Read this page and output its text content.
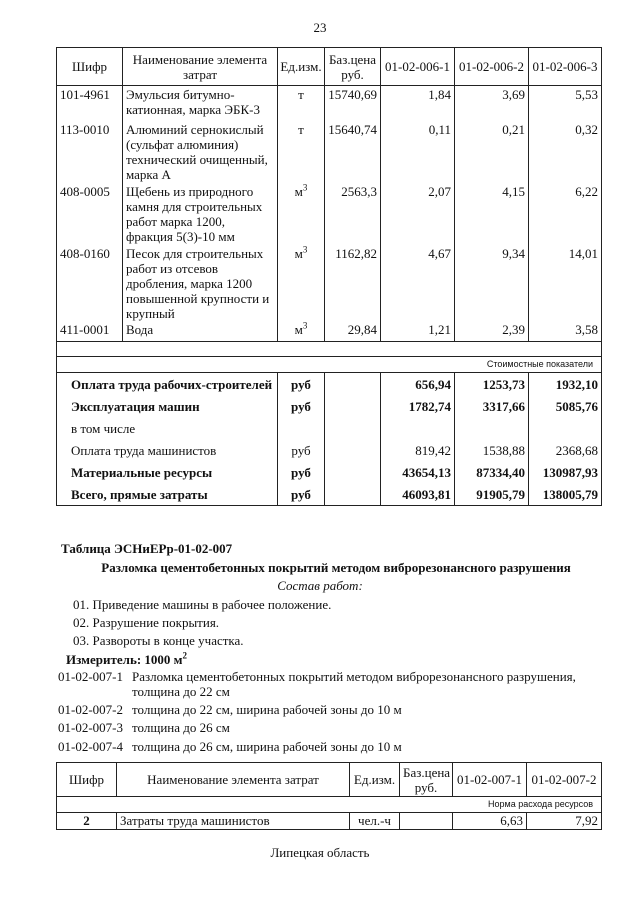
23
Шифр	Наименование элемента затрат	Ед.изм.	Баз.цена руб.	01-02-006-1	01-02-006-2	01-02-006-3
101-4961	Эмульсия битумно-катионная, марка ЭБК-3	т	15740,69	1,84	3,69	5,53
113-0010	Алюминий сернокислый (сульфат алюминия) технический очищенный, марка А	т	15640,74	0,11	0,21	0,32
408-0005	Щебень из природного камня для строительных работ марка 1200, фракция 5(3)-10 мм	$м^3$	2563,3	2,07	4,15	6,22
408-0160	Песок для строительных работ из отсевов дробления, марка 1200 повышенной крупности и крупный	$м^3$	1162,82	4,67	9,34	14,01
411-0001	Вода	$м^3$	29,84	1,21	2,39	3,58

Стоимостные показатели						
Оплата труда рабочих-строителей		руб		656,94	1253,73	1932,10
Эксплуатация машин		руб		1782,74	3317,66	5085,76
в том числе						
Оплата труда машинистов		руб		819,42	1538,88	2368,68
Материальные ресурсы		руб		43654,13	87334,40	130987,93
Всего, прямые затраты		руб		46093,81	91905,79	138005,79
Таблица ЭСНиЕРр-01-02-007
Разломка цементобетонных покрытий методом виброрезонансного разрушения
Состав работ:
01. Приведение машины в рабочее положение.
02. Разрушение покрытия.
03. Развороты в конце участка.
Измеритель: 1000 $м^2$
01-02-007-1 Разломка цементобетонных покрытий методом виброрезонансного разрушения,
толщина до 22 см
01-02-007-2 толщина до 22 см, ширина рабочей зоны до 10 м
01-02-007-3 толщина до 26 см
01-02-007-4 толщина до 26 см, ширина рабочей зоны до 10 м
Шифр	Наименование элемента затрат	Ед.изм.	Баз.цена руб.	01-02-007-1	01-02-007-2
Норма расхода ресурсов					
2	Затраты труда машинистов	чел.-ч		6,63	7,92
Липецкая область
